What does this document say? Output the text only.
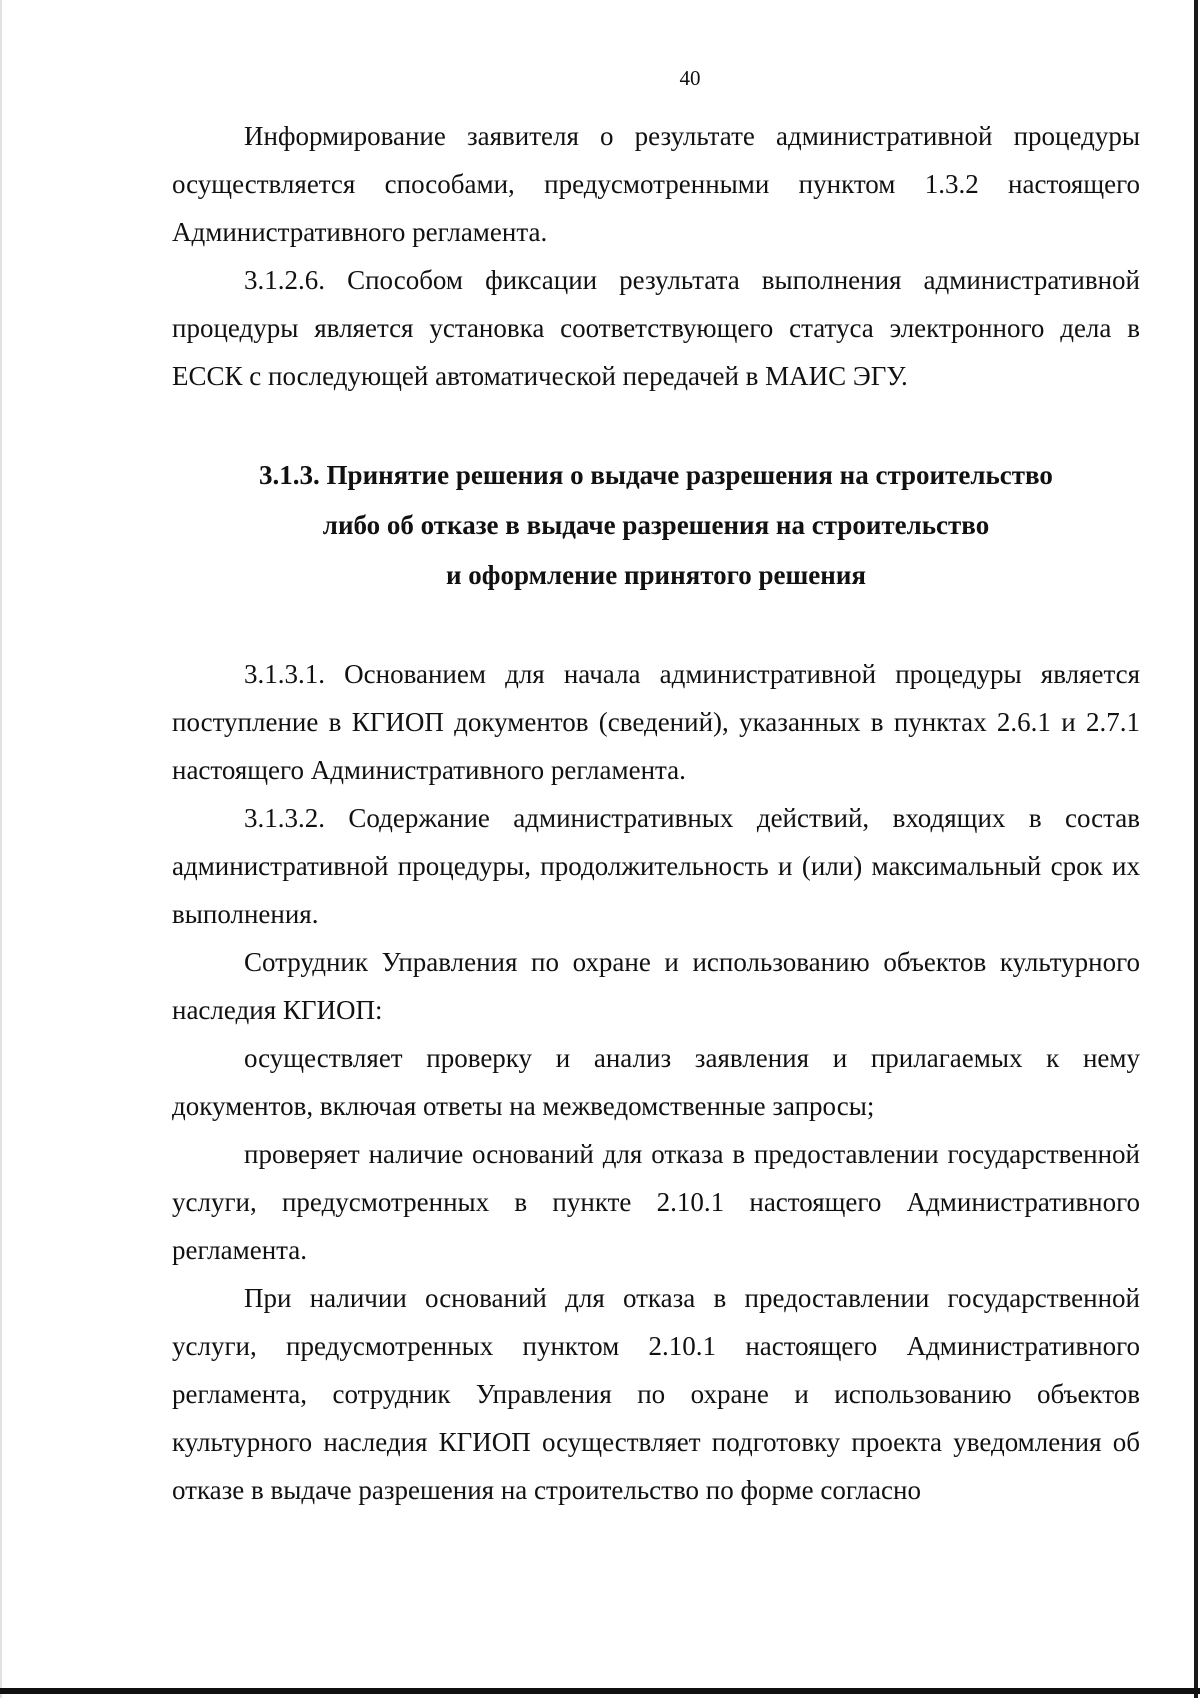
40

Информирование заявителя о результате административной процедуры осуществляется способами, предусмотренными пунктом 1.3.2 настоящего Административного регламента.

3.1.2.6. Способом фиксации результата выполнения административной процедуры является установка соответствующего статуса электронного дела в ЕССК с последующей автоматической передачей в МАИС ЭГУ.

3.1.3. Принятие решения о выдаче разрешения на строительство
либо об отказе в выдаче разрешения на строительство
и оформление принятого решения

3.1.3.1. Основанием для начала административной процедуры является поступление в КГИОП документов (сведений), указанных в пунктах 2.6.1 и 2.7.1 настоящего Административного регламента.

3.1.3.2. Содержание административных действий, входящих в состав административной процедуры, продолжительность и (или) максимальный срок их выполнения.

Сотрудник Управления по охране и использованию объектов культурного наследия КГИОП:

осуществляет проверку и анализ заявления и прилагаемых к нему документов, включая ответы на межведомственные запросы;

проверяет наличие оснований для отказа в предоставлении государственной услуги, предусмотренных в пункте 2.10.1 настоящего Административного регламента.

При наличии оснований для отказа в предоставлении государственной услуги, предусмотренных пунктом 2.10.1 настоящего Административного регламента, сотрудник Управления по охране и использованию объектов культурного наследия КГИОП осуществляет подготовку проекта уведомления об отказе в выдаче разрешения на строительство по форме согласно
